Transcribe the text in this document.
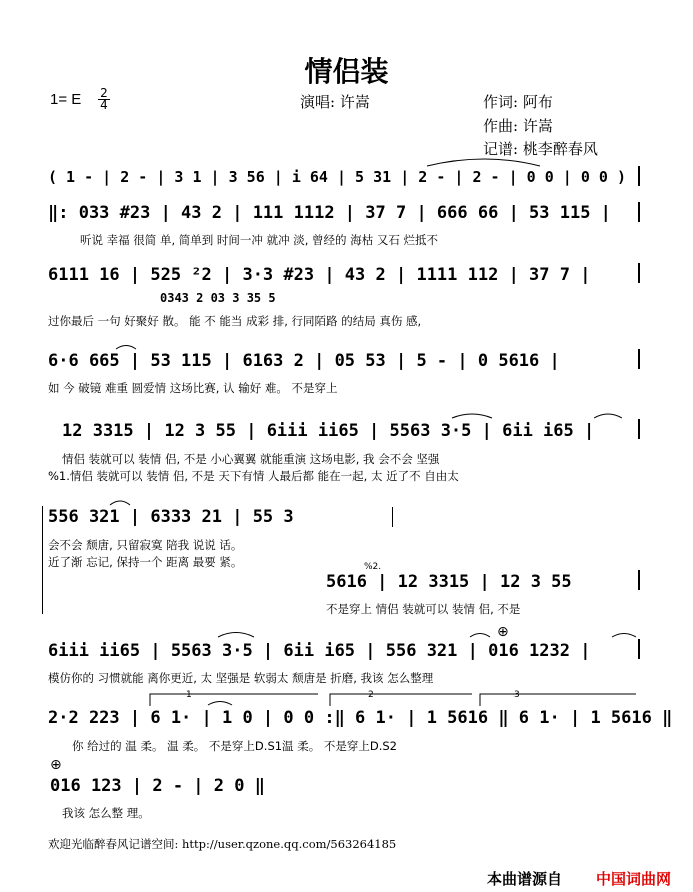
情侣装
1= E $\frac{2}{4}$	演唱: 许嵩	作词: 阿布
作曲: 许嵩
记谱: 桃李醉春风
( 1 - | 2 - | 3 1 | 3 56 | i 64 | 5 31 | 2 - | 2 - | 0 0 | 0 0 )
‖: 033 #23 | 43 2 | 111 1112 | 37 7 | 666 66 | 53 115 |
听说 幸福 很简 单, 简单到 时间一冲 就冲 淡, 曾经的 海枯 又石 烂抵不
6111 16 | 525 ²2 | 3·3 #23 | 43 2 | 1111 112 | 37 7 |
0343 2 03 3 35 5
过你最后 一句 好聚好 散。 能 不 能当 成彩 排, 行同陌路 的结局 真伤 感,
6·6 665 | 53 115 | 6163 2 | 05 53 | 5 - | 0 5616 |
如 今 破镜 难重 圆爱情 这场比赛, 认 输好 难。 不是穿上
12 3315 | 12 3 55 | 6iii ii65 | 5563 3·5 | 6ii i65 |
情侣 装就可以 装情 侣, 不是 小心翼翼 就能重演 这场电影, 我 会不会 坚强
%1.情侣 装就可以 装情 侣, 不是 天下有情 人最后都 能在一起, 太 近了不 自由太
556 321 | 6333 21 | 55 3
会不会 颓唐, 只留寂寞 陪我 说说 话。
近了渐 忘记, 保持一个 距离 最要 紧。	%2.
5616 | 12 3315 | 12 3 55
不是穿上 情侣 装就可以 装情 侣, 不是
6iii ii65 | 5563 3·5 | 6ii i65 | 556 321 | 016 1232 |
模仿你的 习惯就能 离你更近, 太 坚强是 软弱太 颓唐是 折磨, 我该 怎么整理
⊕
1	2	3
2·2 223 | 6 1· | 1 0 | 0 0 :‖ 6 1· | 1 5616 ‖ 6 1· | 1 5616 ‖
你 给过的 温 柔。 温 柔。 不是穿上D.S1温 柔。 不是穿上D.S2
⊕
016 123 | 2 - | 2 0 ‖
我该 怎么整 理。
欢迎光临醉春风记谱空间: http://user.qzone.qq.com/563264185
本曲谱源自 中国词曲网
